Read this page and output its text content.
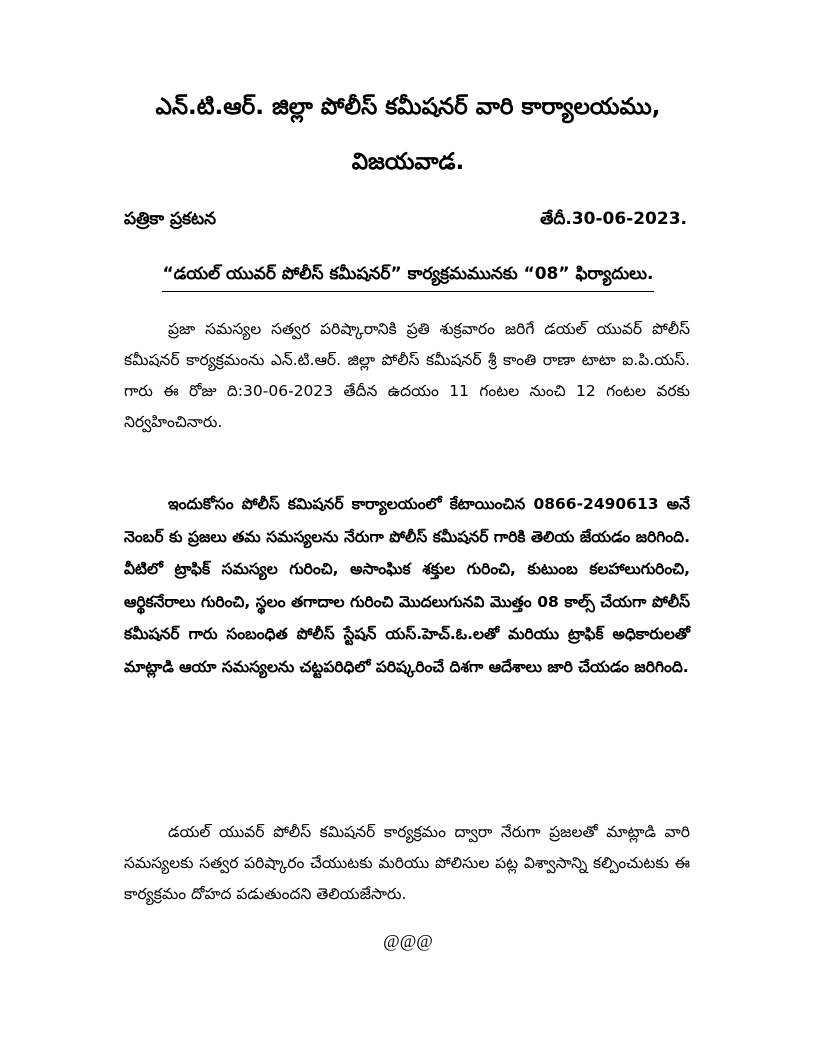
ఎన్.టి.ఆర్. జిల్లా పోలీస్ కమీషనర్ వారి కార్యాలయము,
విజయవాడ.
పత్రికా ప్రకటన	తేదీ.30-06-2023.
“డయల్ యువర్ పోలీస్ కమీషనర్” కార్యక్రమమునకు “08” ఫిర్యాదులు.

ప్రజా సమస్యల సత్వర పరిష్కారానికి ప్రతి శుక్రవారం జరిగే డయల్ యువర్ పోలీస్ కమీషనర్ కార్యక్రమంను ఎన్.టి.ఆర్. జిల్లా పోలీస్ కమీషనర్ శ్రీ కాంతి రాణా టాటా ఐ.పి.యస్. గారు ఈ రోజు ది:30-06-2023 తేదీన ఉదయం 11 గంటల నుంచి 12 గంటల వరకు నిర్వహించినారు.

ఇందుకోసం పోలీస్ కమిషనర్ కార్యాలయంలో కేటాయించిన 0866-2490613 అనే నెంబర్ కు ప్రజలు తమ సమస్యలను నేరుగా పోలీస్ కమీషనర్ గారికి తెలియ జేయడం జరిగింది. వీటిలో ట్రాఫిక్ సమస్యల గురించి, అసాంఘిక శక్తుల గురించి, కుటుంబ కలహాలుగురించి, ఆర్థికనేరాలు గురించి, స్థలం తగాదాల గురించి మొదలుగునవి మొత్తం 08 కాల్స్ చేయగా పోలీస్ కమీషనర్ గారు సంబంధిత పోలీస్ స్టేషన్ యస్.హెచ్.ఓ.లతో మరియు ట్రాఫిక్ అధికారులతో మాట్లాడి ఆయా సమస్యలను చట్టపరిధిలో పరిష్కరించే దిశగా ఆదేశాలు జారి చేయడం జరిగింది.

డయల్ యువర్ పోలీస్ కమిషనర్ కార్యక్రమం ద్వారా నేరుగా ప్రజలతో మాట్లాడి వారి సమస్యలకు సత్వర పరిష్కారం చేయుటకు మరియు పోలిసుల పట్ల విశ్వాసాన్ని కల్పించుటకు ఈ కార్యక్రమం దోహద పడుతుందని తెలియజేసారు.

@@@
